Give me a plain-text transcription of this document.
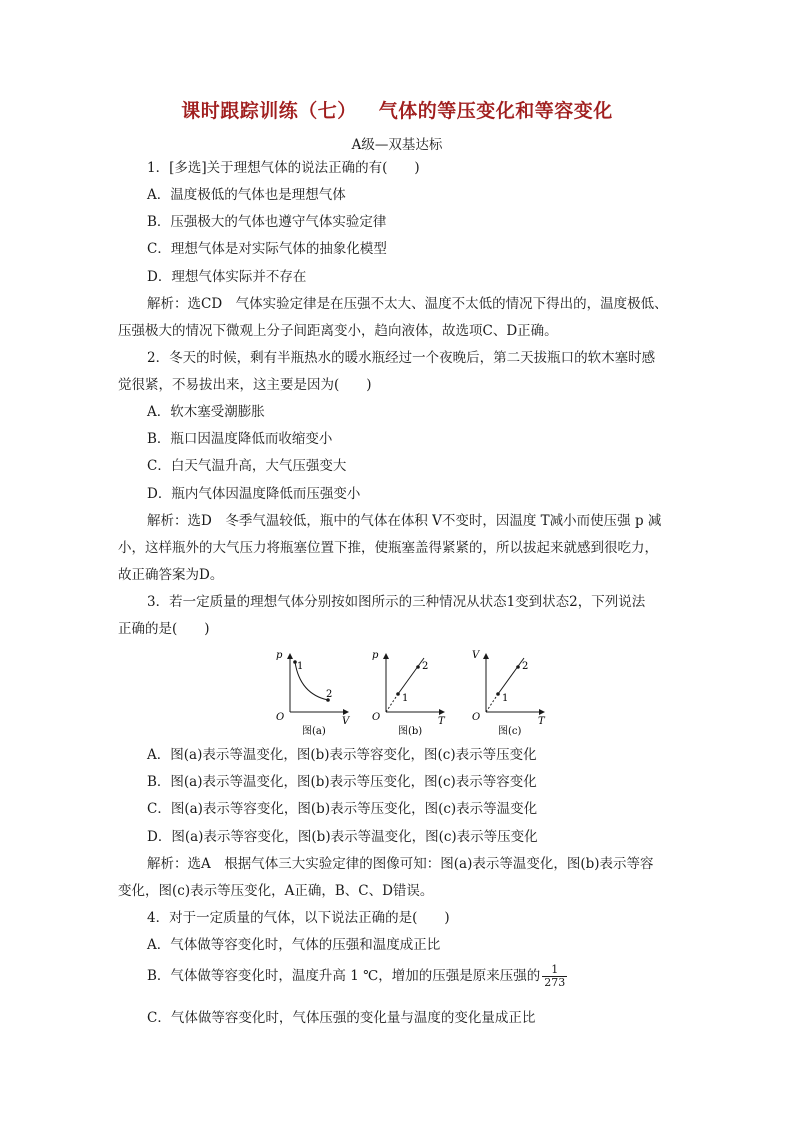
课时跟踪训练（七） 气体的等压变化和等容变化
A级—双基达标
1．[多选]关于理想气体的说法正确的有(　　)
A．温度极低的气体也是理想气体
B．压强极大的气体也遵守气体实验定律
C．理想气体是对实际气体的抽象化模型
D．理想气体实际并不存在
解析：选CD　气体实验定律是在压强不太大、温度不太低的情况下得出的，温度极低、
压强极大的情况下微观上分子间距离变小，趋向液体，故选项C、D正确。
2．冬天的时候，剩有半瓶热水的暖水瓶经过一个夜晚后，第二天拔瓶口的软木塞时感
觉很紧，不易拔出来，这主要是因为(　　)
A．软木塞受潮膨胀
B．瓶口因温度降低而收缩变小
C．白天气温升高，大气压强变大
D．瓶内气体因温度降低而压强变小
解析：选D　冬季气温较低，瓶中的气体在体积 V不变时，因温度 T减小而使压强 p 减
小，这样瓶外的大气压力将瓶塞位置下推，使瓶塞盖得紧紧的，所以拔起来就感到很吃力，
故正确答案为D。
3．若一定质量的理想气体分别按如图所示的三种情况从状态1变到状态2，下列说法
正确的是(　　)
p
V
O
1
2
图(a)
p
T
O
1
2
图(b)
V
T
O
1
2
图(c)
A．图(a)表示等温变化，图(b)表示等容变化，图(c)表示等压变化
B．图(a)表示等温变化，图(b)表示等压变化，图(c)表示等容变化
C．图(a)表示等容变化，图(b)表示等压变化，图(c)表示等温变化
D．图(a)表示等容变化，图(b)表示等温变化，图(c)表示等压变化
解析：选A　根据气体三大实验定律的图像可知：图(a)表示等温变化，图(b)表示等容
变化，图(c)表示等压变化，A正确，B、C、D错误。
4．对于一定质量的气体，以下说法正确的是(　　)
A．气体做等容变化时，气体的压强和温度成正比
B．气体做等容变化时，温度升高 1 ℃，增加的压强是原来压强的 $\frac{1}{273}$
C．气体做等容变化时，气体压强的变化量与温度的变化量成正比
